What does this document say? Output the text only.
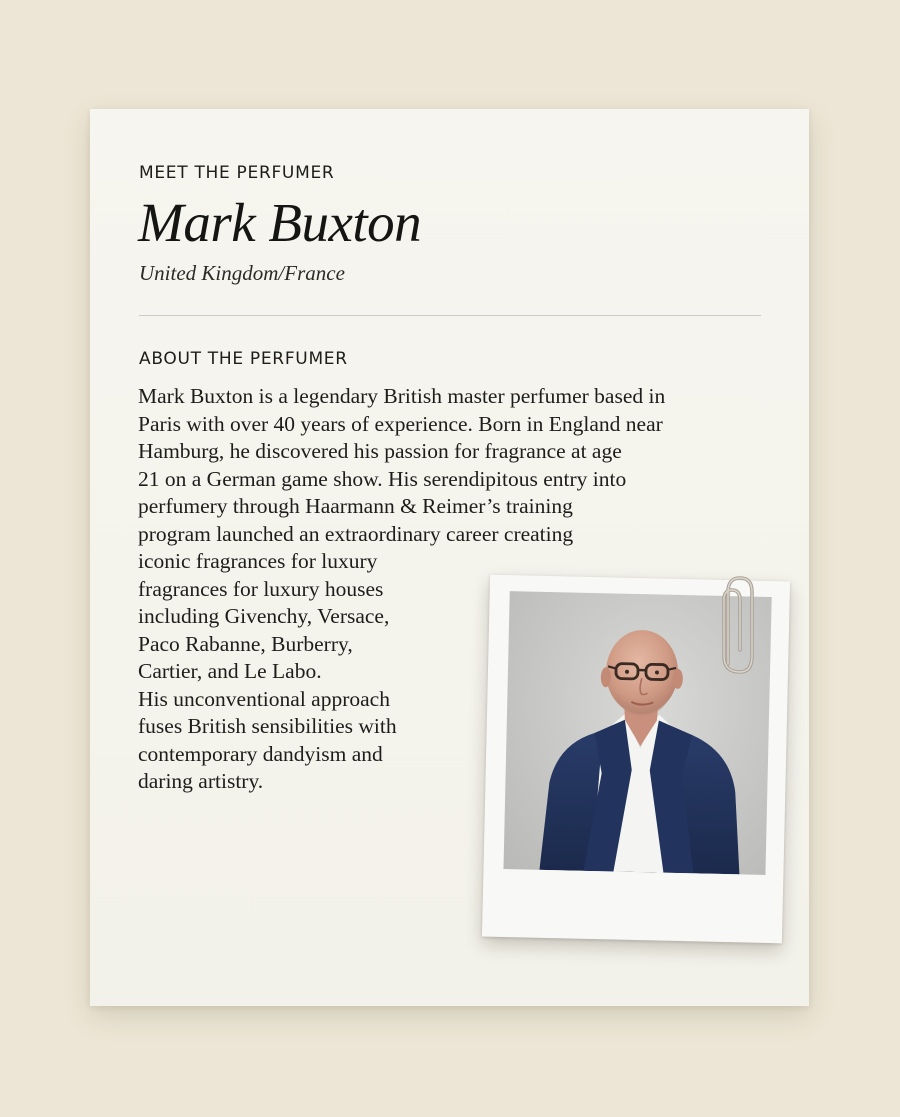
MEET THE PERFUMER
Mark Buxton
United Kingdom/France
ABOUT THE PERFUMER
Mark Buxton is a legendary British master perfumer based in
Paris with over 40 years of experience. Born in England near
Hamburg, he discovered his passion for fragrance at age
21 on a German game show. His serendipitous entry into
perfumery through Haarmann & Reimer’s training
program launched an extraordinary career creating
iconic fragrances for luxury
fragrances for luxury houses
including Givenchy, Versace,
Paco Rabanne, Burberry,
Cartier, and Le Labo.
His unconventional approach
fuses British sensibilities with
contemporary dandyism and
daring artistry.
